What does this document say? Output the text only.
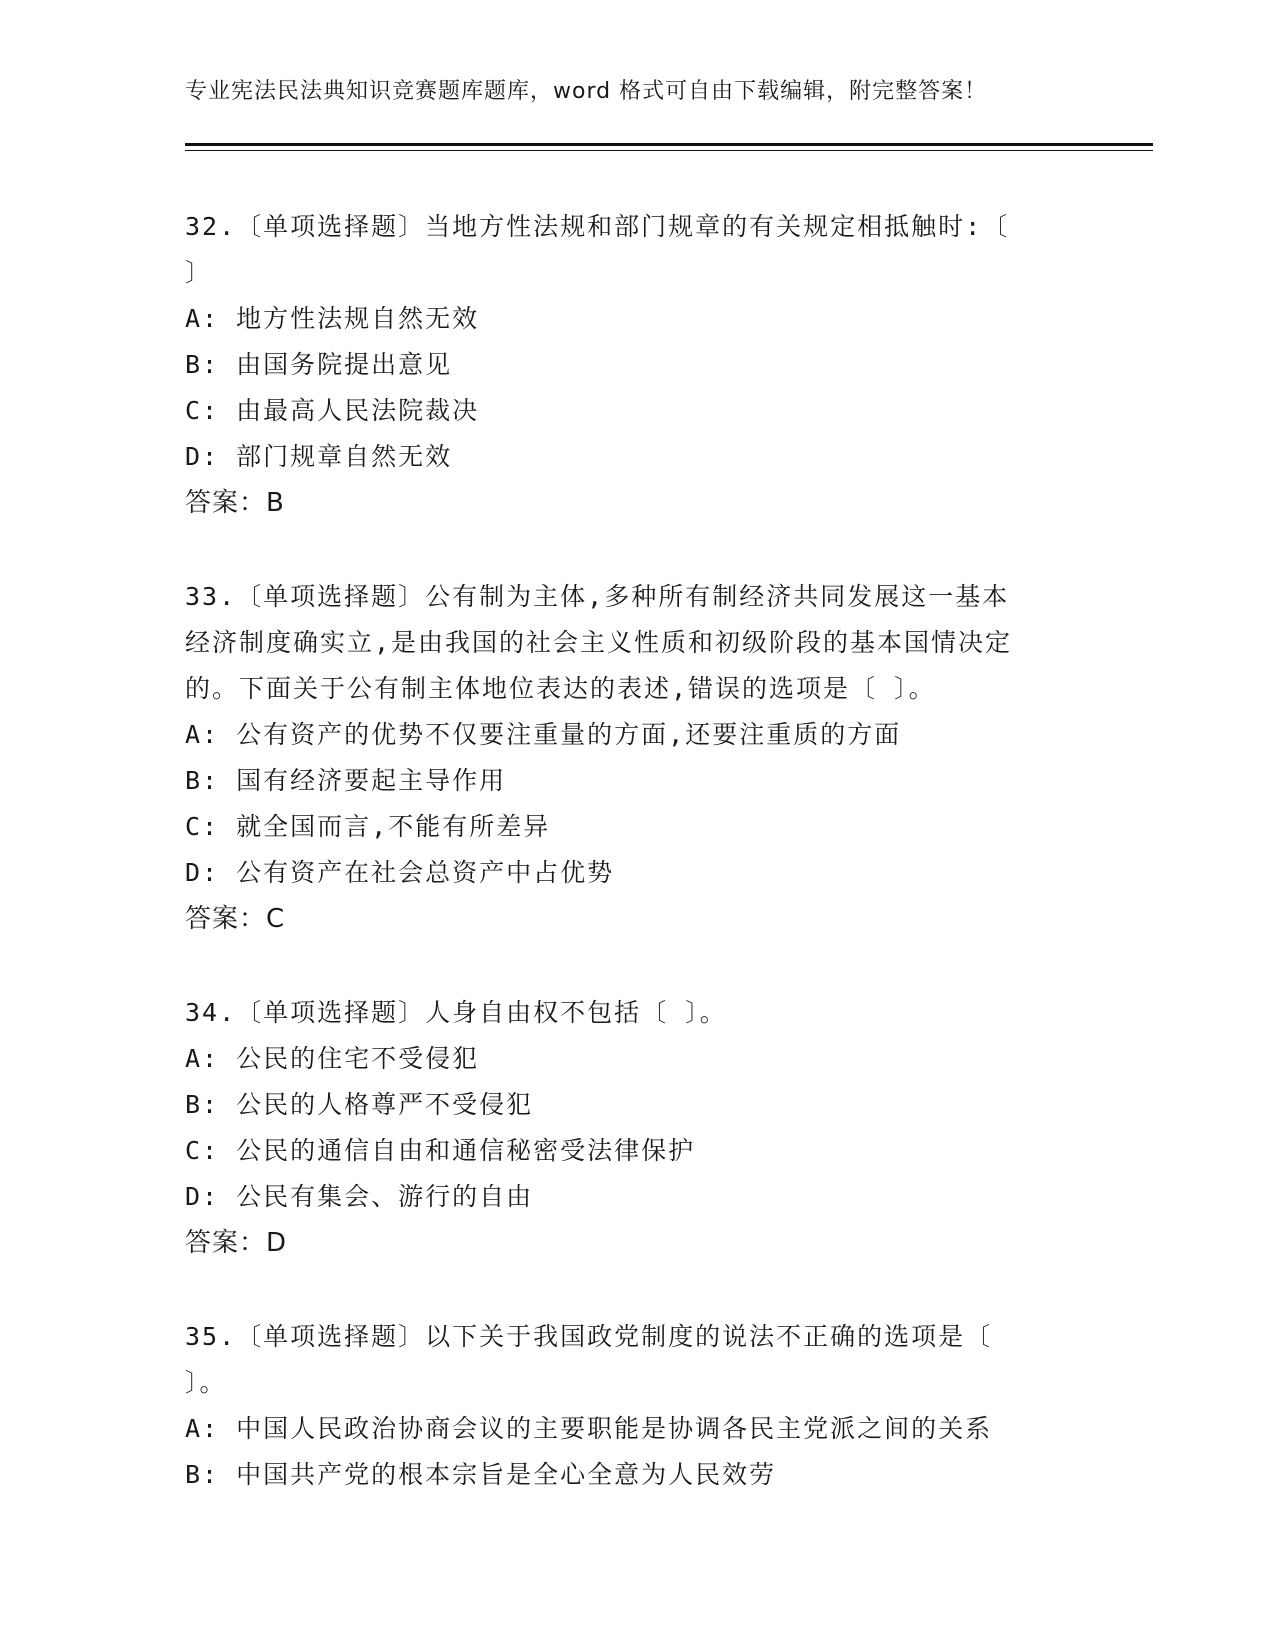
专业宪法民法典知识竞赛题库题库，word 格式可自由下载编辑，附完整答案！
32.〔单项选择题〕当地方性法规和部门规章的有关规定相抵触时:〔
〕
A: 地方性法规自然无效
B: 由国务院提出意见
C: 由最高人民法院裁决
D: 部门规章自然无效
答案：B
33.〔单项选择题〕公有制为主体,多种所有制经济共同发展这一基本
经济制度确实立,是由我国的社会主义性质和初级阶段的基本国情决定
的。下面关于公有制主体地位表达的表述,错误的选项是〔 〕。
A: 公有资产的优势不仅要注重量的方面,还要注重质的方面
B: 国有经济要起主导作用
C: 就全国而言,不能有所差异
D: 公有资产在社会总资产中占优势
答案：C
34.〔单项选择题〕人身自由权不包括〔 〕。
A: 公民的住宅不受侵犯
B: 公民的人格尊严不受侵犯
C: 公民的通信自由和通信秘密受法律保护
D: 公民有集会、游行的自由
答案：D
35.〔单项选择题〕以下关于我国政党制度的说法不正确的选项是〔
〕。
A: 中国人民政治协商会议的主要职能是协调各民主党派之间的关系
B: 中国共产党的根本宗旨是全心全意为人民效劳
